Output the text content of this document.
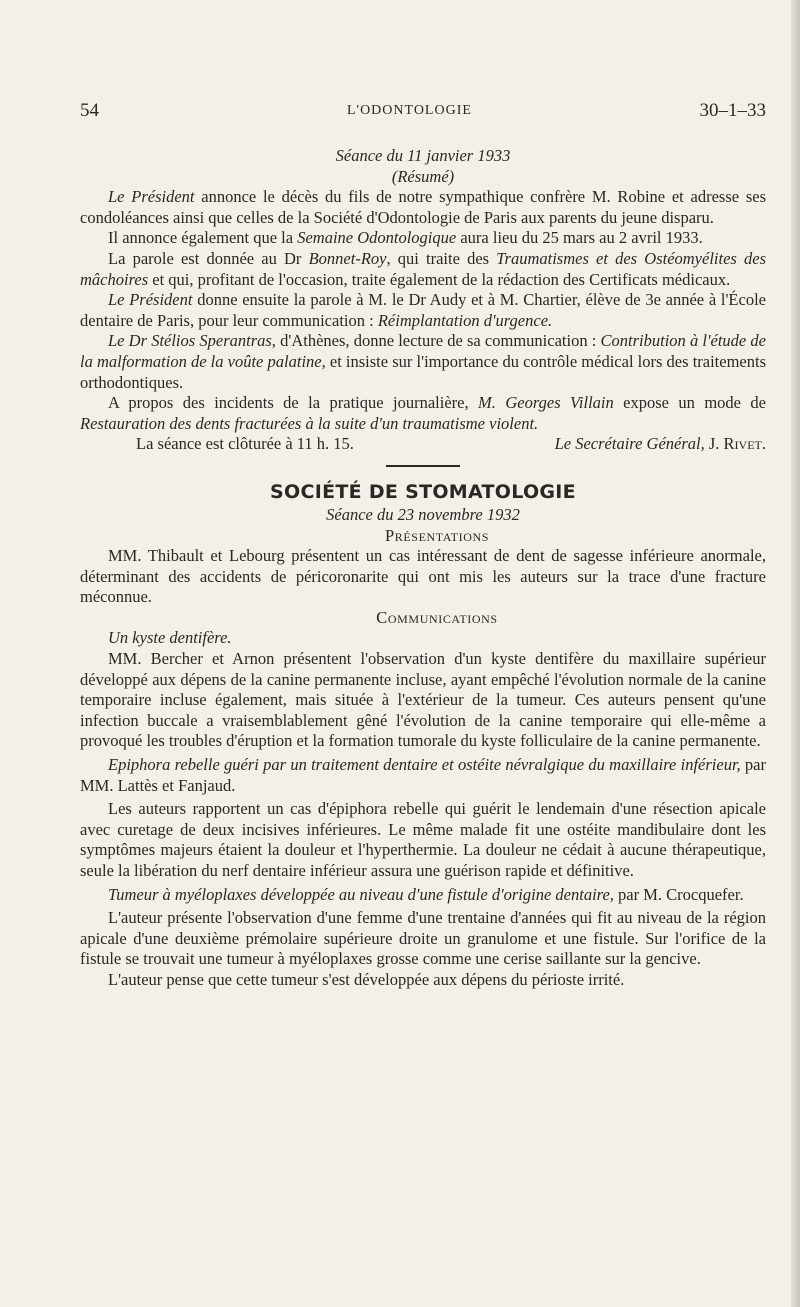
54	L'ODONTOLOGIE	30–1–33

Séance du 11 janvier 1933

(Résumé)

Le Président annonce le décès du fils de notre sympathique confrère M. Robine et adresse ses condoléances ainsi que celles de la Société d'Odontologie de Paris aux parents du jeune disparu.

Il annonce également que la Semaine Odontologique aura lieu du 25 mars au 2 avril 1933.

La parole est donnée au Dr Bonnet-Roy, qui traite des Traumatismes et des Ostéomyélites des mâchoires et qui, profitant de l'occasion, traite également de la rédaction des Certificats médicaux.

Le Président donne ensuite la parole à M. le Dr Audy et à M. Chartier, élève de 3e année à l'École dentaire de Paris, pour leur communication : Réimplantation d'urgence.

Le Dr Stélios Sperantras, d'Athènes, donne lecture de sa communication : Contribution à l'étude de la malformation de la voûte palatine, et insiste sur l'importance du contrôle médical lors des traitements orthodontiques.

A propos des incidents de la pratique journalière, M. Georges Villain expose un mode de Restauration des dents fracturées à la suite d'un traumatisme violent.

La séance est clôturée à 11 h. 15.	Le Secrétaire Général, J. Rivet.

SOCIÉTÉ DE STOMATOLOGIE

Séance du 23 novembre 1932

Présentations

MM. Thibault et Lebourg présentent un cas intéressant de dent de sagesse inférieure anormale, déterminant des accidents de péricoronarite qui ont mis les auteurs sur la trace d'une fracture méconnue.

Communications

Un kyste dentifère.

MM. Bercher et Arnon présentent l'observation d'un kyste dentifère du maxillaire supérieur développé aux dépens de la canine permanente incluse, ayant empêché l'évolution normale de la canine temporaire incluse également, mais située à l'extérieur de la tumeur. Ces auteurs pensent qu'une infection buccale a vraisemblablement gêné l'évolution de la canine temporaire qui elle-même a provoqué les troubles d'éruption et la formation tumorale du kyste folliculaire de la canine permanente.

Epiphora rebelle guéri par un traitement dentaire et ostéite névralgique du maxillaire inférieur, par MM. Lattès et Fanjaud.

Les auteurs rapportent un cas d'épiphora rebelle qui guérit le lendemain d'une résection apicale avec curetage de deux incisives inférieures. Le même malade fit une ostéite mandibulaire dont les symptômes majeurs étaient la douleur et l'hyperthermie. La douleur ne cédait à aucune thérapeutique, seule la libération du nerf dentaire inférieur assura une guérison rapide et définitive.

Tumeur à myéloplaxes développée au niveau d'une fistule d'origine dentaire, par M. Crocquefer.

L'auteur présente l'observation d'une femme d'une trentaine d'années qui fit au niveau de la région apicale d'une deuxième prémolaire supérieure droite un granulome et une fistule. Sur l'orifice de la fistule se trouvait une tumeur à myéloplaxes grosse comme une cerise saillante sur la gencive.

L'auteur pense que cette tumeur s'est développée aux dépens du périoste irrité.
